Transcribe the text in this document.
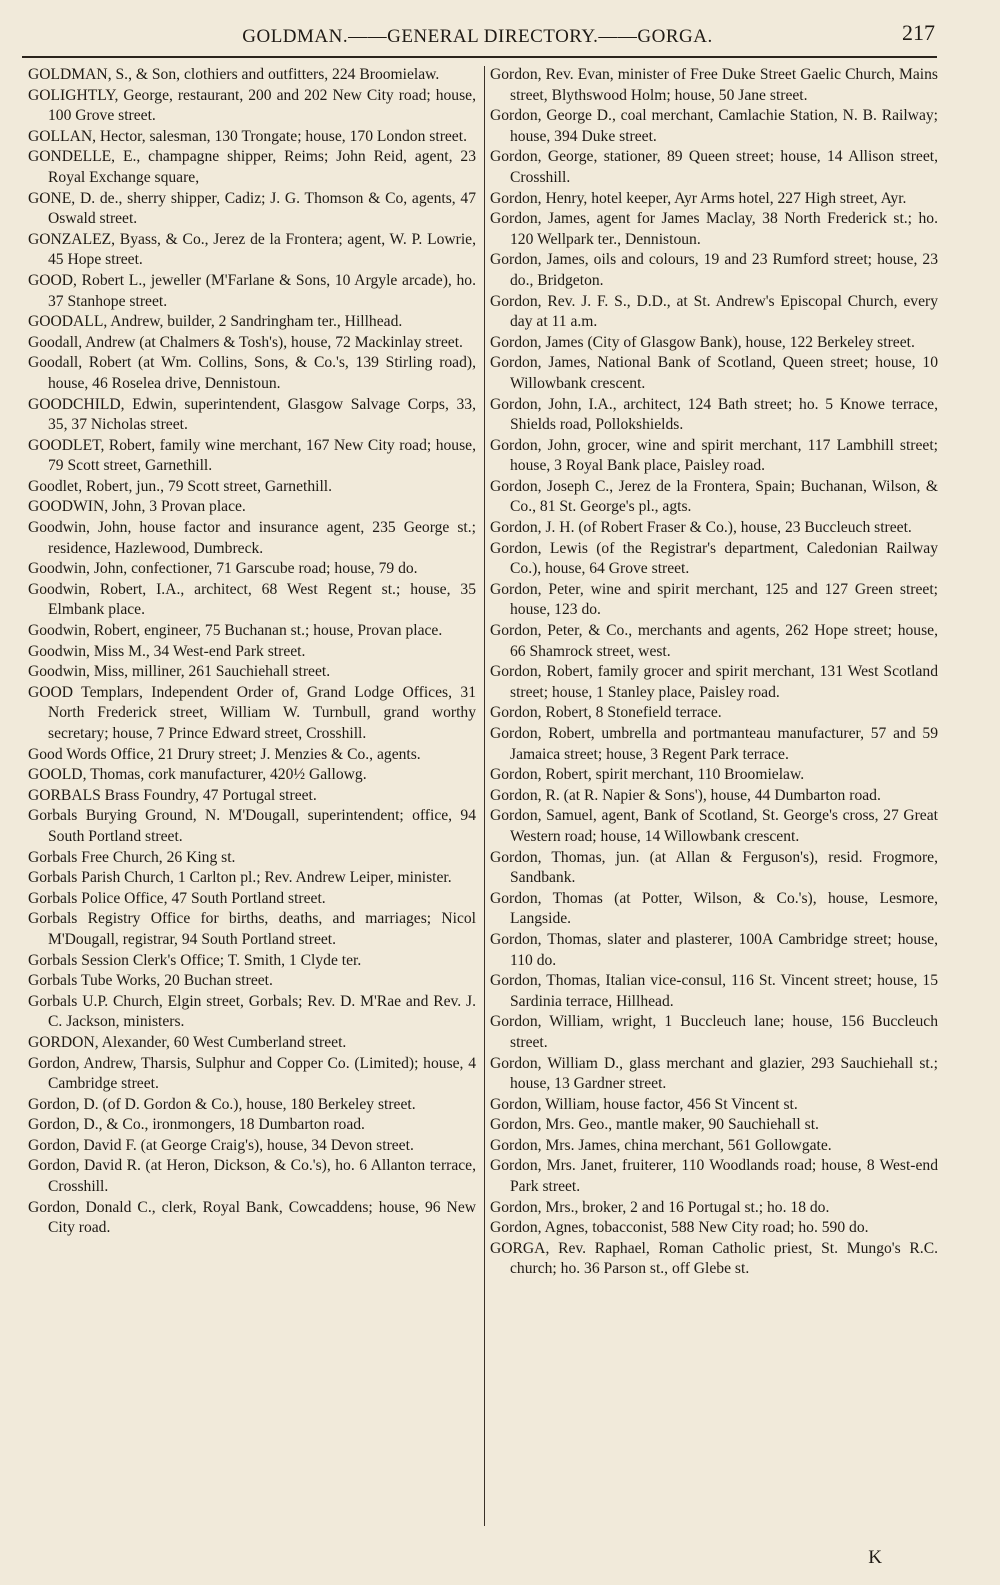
GOLDMAN.——GENERAL DIRECTORY.——GORGA.	217

GOLDMAN, S., & Son, clothiers and outfitters, 224 Broomielaw.

GOLIGHTLY, George, restaurant, 200 and 202 New City road; house, 100 Grove street.

GOLLAN, Hector, salesman, 130 Trongate; house, 170 London street.

GONDELLE, E., champagne shipper, Reims; John Reid, agent, 23 Royal Exchange square,

GONE, D. de., sherry shipper, Cadiz; J. G. Thomson & Co, agents, 47 Oswald street.

GONZALEZ, Byass, & Co., Jerez de la Frontera; agent, W. P. Lowrie, 45 Hope street.

GOOD, Robert L., jeweller (M'Farlane & Sons, 10 Argyle arcade), ho. 37 Stanhope street.

GOODALL, Andrew, builder, 2 Sandringham ter., Hillhead.

Goodall, Andrew (at Chalmers & Tosh's), house, 72 Mackinlay street.

Goodall, Robert (at Wm. Collins, Sons, & Co.'s, 139 Stirling road), house, 46 Roselea drive, Dennistoun.

GOODCHILD, Edwin, superintendent, Glasgow Salvage Corps, 33, 35, 37 Nicholas street.

GOODLET, Robert, family wine merchant, 167 New City road; house, 79 Scott street, Garnethill.

Goodlet, Robert, jun., 79 Scott street, Garnethill.

GOODWIN, John, 3 Provan place.

Goodwin, John, house factor and insurance agent, 235 George st.; residence, Hazlewood, Dumbreck.

Goodwin, John, confectioner, 71 Garscube road; house, 79 do.

Goodwin, Robert, I.A., architect, 68 West Regent st.; house, 35 Elmbank place.

Goodwin, Robert, engineer, 75 Buchanan st.; house, Provan place.

Goodwin, Miss M., 34 West-end Park street.

Goodwin, Miss, milliner, 261 Sauchiehall street.

GOOD Templars, Independent Order of, Grand Lodge Offices, 31 North Frederick street, William W. Turnbull, grand worthy secretary; house, 7 Prince Edward street, Crosshill.

Good Words Office, 21 Drury street; J. Menzies & Co., agents.

GOOLD, Thomas, cork manufacturer, 420½ Gallowg.

GORBALS Brass Foundry, 47 Portugal street.

Gorbals Burying Ground, N. M'Dougall, superintendent; office, 94 South Portland street.

Gorbals Free Church, 26 King st.

Gorbals Parish Church, 1 Carlton pl.; Rev. Andrew Leiper, minister.

Gorbals Police Office, 47 South Portland street.

Gorbals Registry Office for births, deaths, and marriages; Nicol M'Dougall, registrar, 94 South Portland street.

Gorbals Session Clerk's Office; T. Smith, 1 Clyde ter.

Gorbals Tube Works, 20 Buchan street.

Gorbals U.P. Church, Elgin street, Gorbals; Rev. D. M'Rae and Rev. J. C. Jackson, ministers.

GORDON, Alexander, 60 West Cumberland street.

Gordon, Andrew, Tharsis, Sulphur and Copper Co. (Limited); house, 4 Cambridge street.

Gordon, D. (of D. Gordon & Co.), house, 180 Berkeley street.

Gordon, D., & Co., ironmongers, 18 Dumbarton road.

Gordon, David F. (at George Craig's), house, 34 Devon street.

Gordon, David R. (at Heron, Dickson, & Co.'s), ho. 6 Allanton terrace, Crosshill.

Gordon, Donald C., clerk, Royal Bank, Cowcaddens; house, 96 New City road.

Gordon, Rev. Evan, minister of Free Duke Street Gaelic Church, Mains street, Blythswood Holm; house, 50 Jane street.

Gordon, George D., coal merchant, Camlachie Station, N. B. Railway; house, 394 Duke street.

Gordon, George, stationer, 89 Queen street; house, 14 Allison street, Crosshill.

Gordon, Henry, hotel keeper, Ayr Arms hotel, 227 High street, Ayr.

Gordon, James, agent for James Maclay, 38 North Frederick st.; ho. 120 Wellpark ter., Dennistoun.

Gordon, James, oils and colours, 19 and 23 Rumford street; house, 23 do., Bridgeton.

Gordon, Rev. J. F. S., D.D., at St. Andrew's Episcopal Church, every day at 11 a.m.

Gordon, James (City of Glasgow Bank), house, 122 Berkeley street.

Gordon, James, National Bank of Scotland, Queen street; house, 10 Willowbank crescent.

Gordon, John, I.A., architect, 124 Bath street; ho. 5 Knowe terrace, Shields road, Pollokshields.

Gordon, John, grocer, wine and spirit merchant, 117 Lambhill street; house, 3 Royal Bank place, Paisley road.

Gordon, Joseph C., Jerez de la Frontera, Spain; Buchanan, Wilson, & Co., 81 St. George's pl., agts.

Gordon, J. H. (of Robert Fraser & Co.), house, 23 Buccleuch street.

Gordon, Lewis (of the Registrar's department, Caledonian Railway Co.), house, 64 Grove street.

Gordon, Peter, wine and spirit merchant, 125 and 127 Green street; house, 123 do.

Gordon, Peter, & Co., merchants and agents, 262 Hope street; house, 66 Shamrock street, west.

Gordon, Robert, family grocer and spirit merchant, 131 West Scotland street; house, 1 Stanley place, Paisley road.

Gordon, Robert, 8 Stonefield terrace.

Gordon, Robert, umbrella and portmanteau manufacturer, 57 and 59 Jamaica street; house, 3 Regent Park terrace.

Gordon, Robert, spirit merchant, 110 Broomielaw.

Gordon, R. (at R. Napier & Sons'), house, 44 Dumbarton road.

Gordon, Samuel, agent, Bank of Scotland, St. George's cross, 27 Great Western road; house, 14 Willowbank crescent.

Gordon, Thomas, jun. (at Allan & Ferguson's), resid. Frogmore, Sandbank.

Gordon, Thomas (at Potter, Wilson, & Co.'s), house, Lesmore, Langside.

Gordon, Thomas, slater and plasterer, 100A Cambridge street; house, 110 do.

Gordon, Thomas, Italian vice-consul, 116 St. Vincent street; house, 15 Sardinia terrace, Hillhead.

Gordon, William, wright, 1 Buccleuch lane; house, 156 Buccleuch street.

Gordon, William D., glass merchant and glazier, 293 Sauchiehall st.; house, 13 Gardner street.

Gordon, William, house factor, 456 St Vincent st.

Gordon, Mrs. Geo., mantle maker, 90 Sauchiehall st.

Gordon, Mrs. James, china merchant, 561 Gollowgate.

Gordon, Mrs. Janet, fruiterer, 110 Woodlands road; house, 8 West-end Park street.

Gordon, Mrs., broker, 2 and 16 Portugal st.; ho. 18 do.

Gordon, Agnes, tobacconist, 588 New City road; ho. 590 do.

GORGA, Rev. Raphael, Roman Catholic priest, St. Mungo's R.C. church; ho. 36 Parson st., off Glebe st.

K
